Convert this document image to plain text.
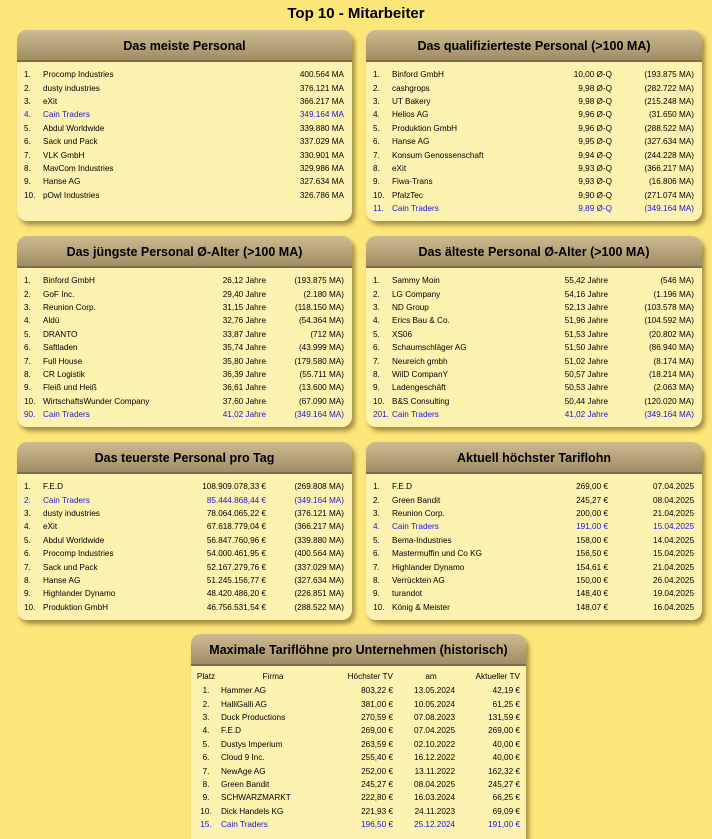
Top 10 - Mitarbeiter
Das meiste Personal
1.	Procomp Industries	400.564 MA
2.	dusty industries	376.121 MA
3.	eXit	366.217 MA
4.	Cain Traders	349.164 MA
5.	Abdul Worldwide	339.880 MA
6.	Sack und Pack	337.029 MA
7.	VLK GmbH	330.901 MA
8.	MavCom Industries	329.986 MA
9.	Hanse AG	327.634 MA
10.	pOwl Industries	326.786 MA
Das qualifizierteste Personal (>100 MA)
1.	Binford GmbH	10,00 Ø-Q	(193.875 MA)
2.	cashgrops	9,98 Ø-Q	(282.722 MA)
3.	UT Bakery	9,98 Ø-Q	(215.248 MA)
4.	Helios AG	9,96 Ø-Q	(31.650 MA)
5.	Produktion GmbH	9,96 Ø-Q	(288.522 MA)
6.	Hanse AG	9,95 Ø-Q	(327.634 MA)
7.	Konsum Genossenschaft	9,94 Ø-Q	(244.228 MA)
8.	eXit	9,93 Ø-Q	(366.217 MA)
9.	Fiwa-Trans	9,93 Ø-Q	(16.806 MA)
10.	PfalzTec	9,90 Ø-Q	(271.074 MA)
11.	Cain Traders	9,89 Ø-Q	(349.164 MA)
Das jüngste Personal Ø-Alter (>100 MA)
1.	Binford GmbH	26,12 Jahre	(193.875 MA)
2.	GoF Inc.	29,40 Jahre	(2.180 MA)
3.	Reunion Corp.	31,15 Jahre	(118.150 MA)
4.	Aldü	32,76 Jahre	(54.364 MA)
5.	DRANTO	33,87 Jahre	(712 MA)
6.	Saftladen	35,74 Jahre	(43.999 MA)
7.	Full House	35,80 Jahre	(179.580 MA)
8.	CR Logistik	36,39 Jahre	(55.711 MA)
9.	Fleiß und Heiß	36,61 Jahre	(13.600 MA)
10.	WirtschaftsWunder Company	37,60 Jahre	(67.090 MA)
90.	Cain Traders	41,02 Jahre	(349.164 MA)
Das älteste Personal Ø-Alter (>100 MA)
1.	Sammy Moin	55,42 Jahre	(546 MA)
2.	LG Company	54,16 Jahre	(1.196 MA)
3.	ND Group	52,13 Jahre	(103.578 MA)
4.	Erics Bau & Co.	51,96 Jahre	(104.592 MA)
5.	XS06	51,53 Jahre	(20.802 MA)
6.	Schaumschläger AG	51,50 Jahre	(86.940 MA)
7.	Neureich gmbh	51,02 Jahre	(8.174 MA)
8.	WilD CompanY	50,57 Jahre	(18.214 MA)
9.	Ladengeschäft	50,53 Jahre	(2.063 MA)
10.	B&S Consulting	50,44 Jahre	(120.020 MA)
201.	Cain Traders	41,02 Jahre	(349.164 MA)
Das teuerste Personal pro Tag
1.	F.E.D	108.909.078,33 €	(269.808 MA)
2.	Cain Traders	85.444.868,44 €	(349.164 MA)
3.	dusty industries	78.064.065,22 €	(376.121 MA)
4.	eXit	67.618.779,04 €	(366.217 MA)
5.	Abdul Worldwide	56.847.760,96 €	(339.880 MA)
6.	Procomp Industries	54.000.461,95 €	(400.564 MA)
7.	Sack und Pack	52.167.279,76 €	(337.029 MA)
8.	Hanse AG	51.245.156,77 €	(327.634 MA)
9.	Highlander Dynamo	48.420.486,20 €	(226.851 MA)
10.	Produktion GmbH	46.756.531,54 €	(288.522 MA)
Aktuell höchster Tariflohn
1.	F.E.D	269,00 €	07.04.2025
2.	Green Bandit	245,27 €	08.04.2025
3.	Reunion Corp.	200,00 €	21.04.2025
4.	Cain Traders	191,00 €	15.04.2025
5.	Bema-Industries	158,00 €	14.04.2025
6.	Mastermuffin und Co KG	156,50 €	15.04.2025
7.	Highlander Dynamo	154,61 €	21.04.2025
8.	Verrückten AG	150,00 €	26.04.2025
9.	turandot	148,40 €	19.04.2025
10.	König & Meister	148,07 €	16.04.2025
Maximale Tariflöhne pro Unternehmen (historisch)
Platz	Firma	Höchster TV	am	Aktueller TV
1.	Hammer AG	803,22 €	13.05.2024	42,19 €
2.	HalliGalli AG	381,00 €	10.05.2024	61,25 €
3.	Duck Productions	270,59 €	07.08.2023	131,59 €
4.	F.E.D	269,00 €	07.04.2025	269,00 €
5.	Dustys Imperium	263,59 €	02.10.2022	40,00 €
6.	Cloud 9 Inc.	255,40 €	16.12.2022	40,00 €
7.	NewAge AG	252,00 €	13.11.2022	162,32 €
8.	Green Bandit	245,27 €	08.04.2025	245,27 €
9.	SCHWARZMARKT	222,80 €	16.03.2024	66,25 €
10.	Dick Handels KG	221,93 €	24.11.2023	69,09 €
15.	Cain Traders	196,50 €	25.12.2024	191,00 €
